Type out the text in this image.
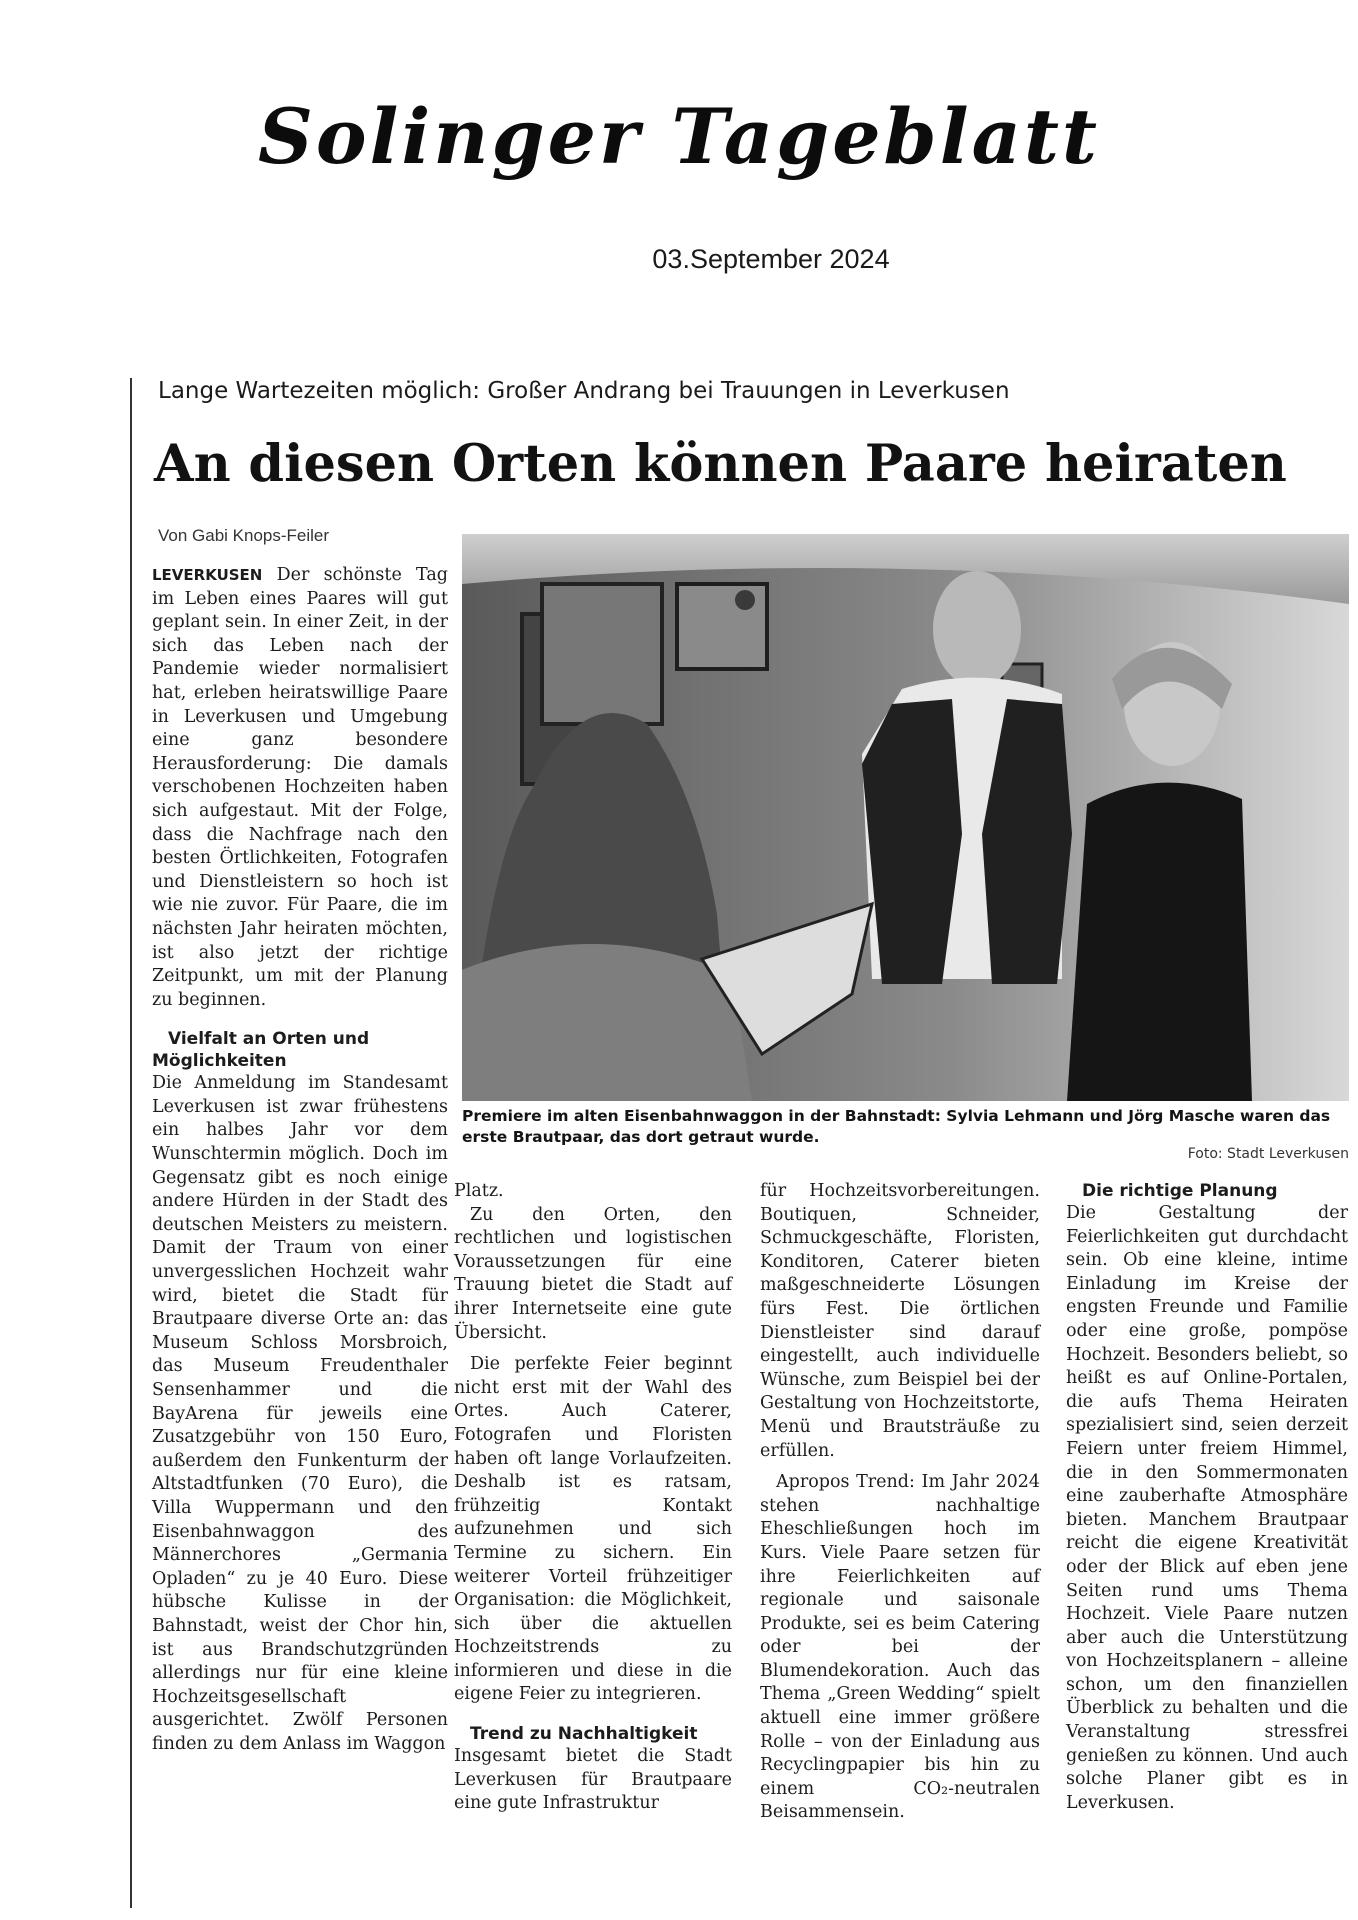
Solinger Tageblatt
03.September 2024
Lange Wartezeiten möglich: Großer Andrang bei Trauungen in Leverkusen
An diesen Orten können Paare heiraten
Von Gabi Knops-Feiler

LEVERKUSEN Der schönste Tag im Leben eines Paares will gut geplant sein. In einer Zeit, in der sich das Leben nach der Pandemie wieder normalisiert hat, erleben heiratswillige Paare in Leverkusen und Umgebung eine ganz besondere Herausforderung: Die damals verschobenen Hochzeiten haben sich aufgestaut. Mit der Folge, dass die Nachfrage nach den besten Örtlichkeiten, Fotografen und Dienstleistern so hoch ist wie nie zuvor. Für Paare, die im nächsten Jahr heiraten möchten, ist also jetzt der richtige Zeitpunkt, um mit der Planung zu beginnen.

Vielfalt an Orten und Möglichkeiten

Die Anmeldung im Standesamt Leverkusen ist zwar frühestens ein halbes Jahr vor dem Wunschtermin möglich. Doch im Gegensatz gibt es noch einige andere Hürden in der Stadt des deutschen Meisters zu meistern. Damit der Traum von einer unvergesslichen Hochzeit wahr wird, bietet die Stadt für Brautpaare diverse Orte an: das Museum Schloss Morsbroich, das Museum Freudenthaler Sensenhammer und die BayArena für jeweils eine Zusatzgebühr von 150 Euro, außerdem den Funkenturm der Altstadtfunken (70 Euro), die Villa Wuppermann und den Eisenbahnwaggon des Männerchores „Germania Opladen“ zu je 40 Euro. Diese hübsche Kulisse in der Bahnstadt, weist der Chor hin, ist aus Brandschutzgründen allerdings nur für eine kleine Hochzeitsgesellschaft ausgerichtet. Zwölf Personen finden zu dem Anlass im Waggon

Premiere im alten Eisenbahnwaggon in der Bahnstadt: Sylvia Lehmann und Jörg Masche waren das erste Brautpaar, das dort getraut wurde.
Foto: Stadt Leverkusen

Platz.

Zu den Orten, den rechtlichen und logistischen Voraussetzungen für eine Trauung bietet die Stadt auf ihrer Internetseite eine gute Übersicht.

Die perfekte Feier beginnt nicht erst mit der Wahl des Ortes. Auch Caterer, Fotografen und Floristen haben oft lange Vorlaufzeiten. Deshalb ist es ratsam, frühzeitig Kontakt aufzunehmen und sich Termine zu sichern. Ein weiterer Vorteil frühzeitiger Organisation: die Möglichkeit, sich über die aktuellen Hochzeitstrends zu informieren und diese in die eigene Feier zu integrieren.

Trend zu Nachhaltigkeit

Insgesamt bietet die Stadt Leverkusen für Brautpaare eine gute Infrastruktur

für Hochzeitsvorbereitungen. Boutiquen, Schneider, Schmuckgeschäfte, Floristen, Konditoren, Caterer bieten maßgeschneiderte Lösungen fürs Fest. Die örtlichen Dienstleister sind darauf eingestellt, auch individuelle Wünsche, zum Beispiel bei der Gestaltung von Hochzeitstorte, Menü und Brautsträuße zu erfüllen.

Apropos Trend: Im Jahr 2024 stehen nachhaltige Eheschließungen hoch im Kurs. Viele Paare setzen für ihre Feierlichkeiten auf regionale und saisonale Produkte, sei es beim Catering oder bei der Blumendekoration. Auch das Thema „Green Wedding“ spielt aktuell eine immer größere Rolle – von der Einladung aus Recyclingpapier bis hin zu einem CO₂-neutralen Beisammensein.

Die richtige Planung

Die Gestaltung der Feierlichkeiten gut durchdacht sein. Ob eine kleine, intime Einladung im Kreise der engsten Freunde und Familie oder eine große, pompöse Hochzeit. Besonders beliebt, so heißt es auf Online-Portalen, die aufs Thema Heiraten spezialisiert sind, seien derzeit Feiern unter freiem Himmel, die in den Sommermonaten eine zauberhafte Atmosphäre bieten. Manchem Brautpaar reicht die eigene Kreativität oder der Blick auf eben jene Seiten rund ums Thema Hochzeit. Viele Paare nutzen aber auch die Unterstützung von Hochzeitsplanern – alleine schon, um den finanziellen Überblick zu behalten und die Veranstaltung stressfrei genießen zu können. Und auch solche Planer gibt es in Leverkusen.
